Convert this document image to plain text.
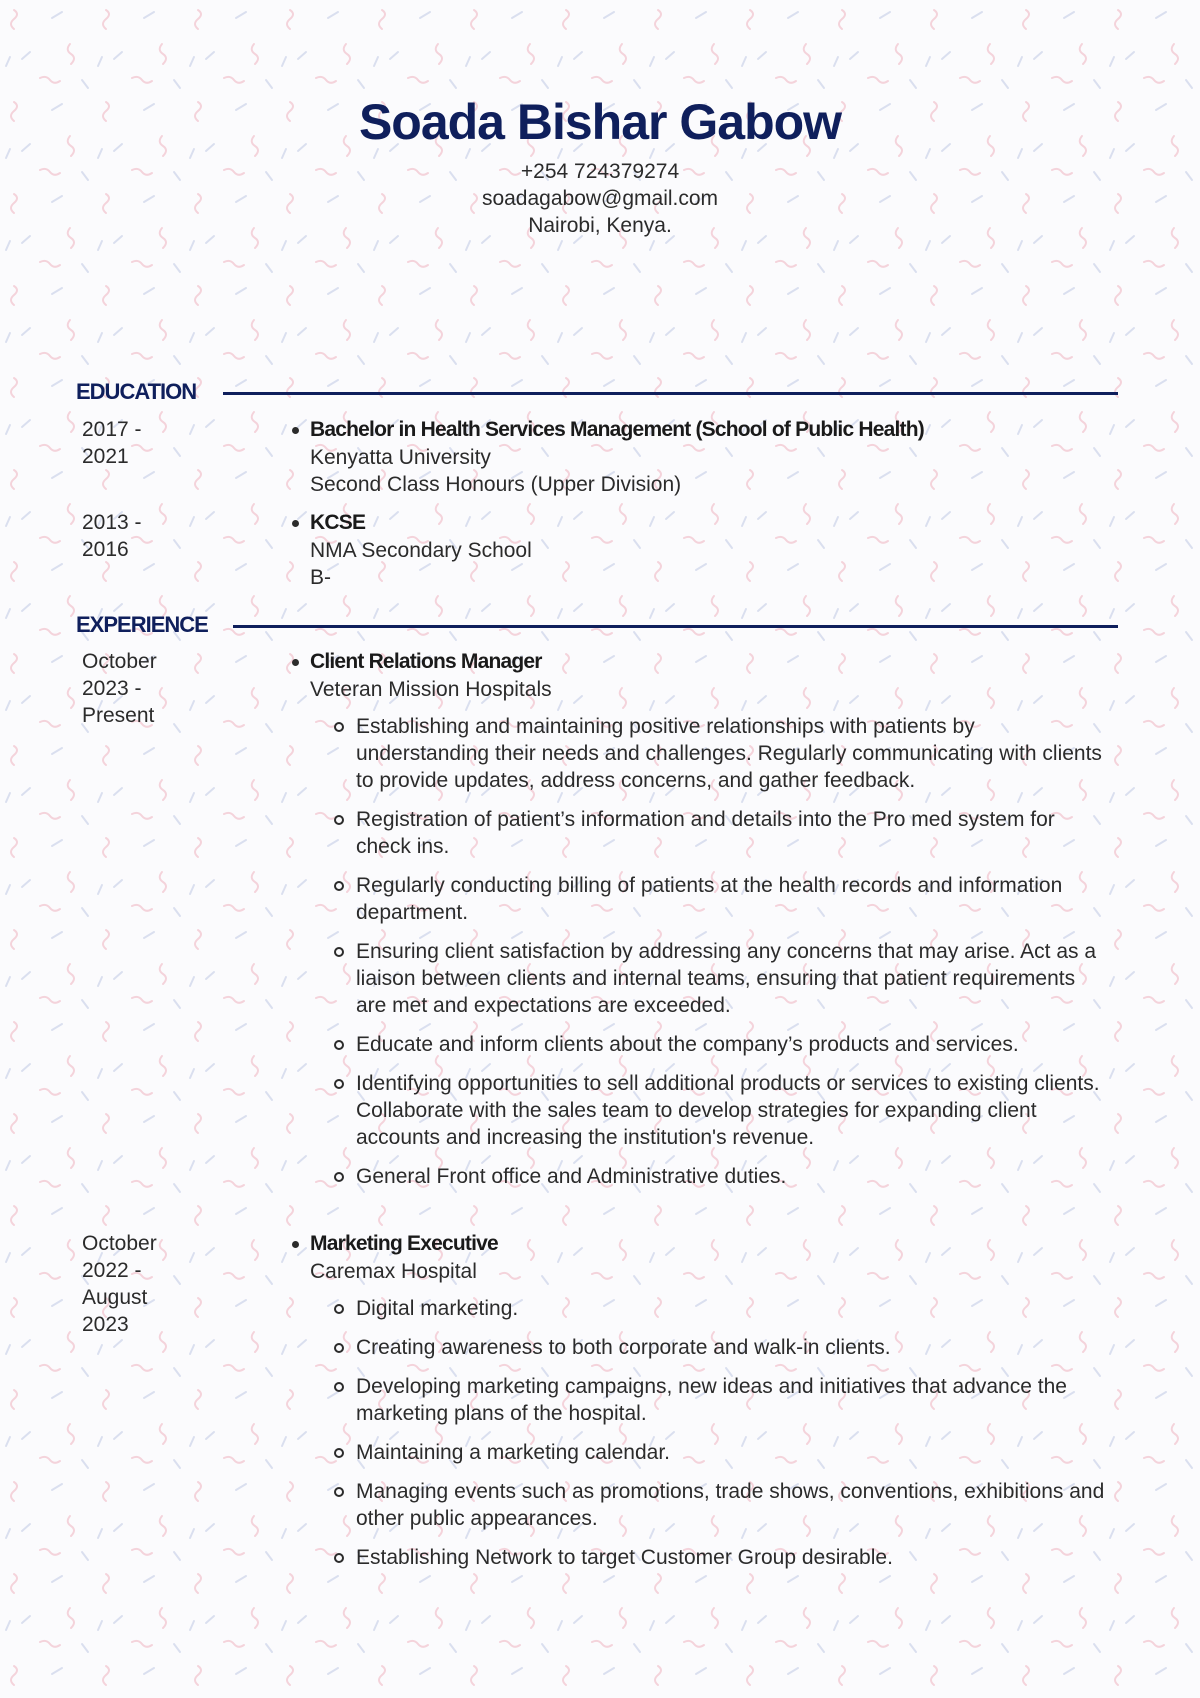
Soada Bishar Gabow
+254 724379274
soadagabow@gmail.com
Nairobi, Kenya.
EDUCATION
2017 -
2021
Bachelor in Health Services Management (School of Public Health)
Kenyatta University
Second Class Honours (Upper Division)
2013 -
2016
KCSE
NMA Secondary School
B-
EXPERIENCE
October
2023 -
Present
Client Relations Manager
Veteran Mission Hospitals
Establishing and maintaining positive relationships with patients by understanding their needs and challenges. Regularly communicating with clients to provide updates, address concerns, and gather feedback.
Registration of patient’s information and details into the Pro med system for check ins.
Regularly conducting billing of patients at the health records and information department.
Ensuring client satisfaction by addressing any concerns that may arise. Act as a liaison between clients and internal teams, ensuring that patient requirements are met and expectations are exceeded.
Educate and inform clients about the company’s products and services.
Identifying opportunities to sell additional products or services to existing clients. Collaborate with the sales team to develop strategies for expanding client accounts and increasing the institution's revenue.
General Front office and Administrative duties.
October
2022 -
August
2023
Marketing Executive
Caremax Hospital
Digital marketing.
Creating awareness to both corporate and walk-in clients.
Developing marketing campaigns, new ideas and initiatives that advance the marketing plans of the hospital.
Maintaining a marketing calendar.
Managing events such as promotions, trade shows, conventions, exhibitions and other public appearances.
Establishing Network to target Customer Group desirable.
